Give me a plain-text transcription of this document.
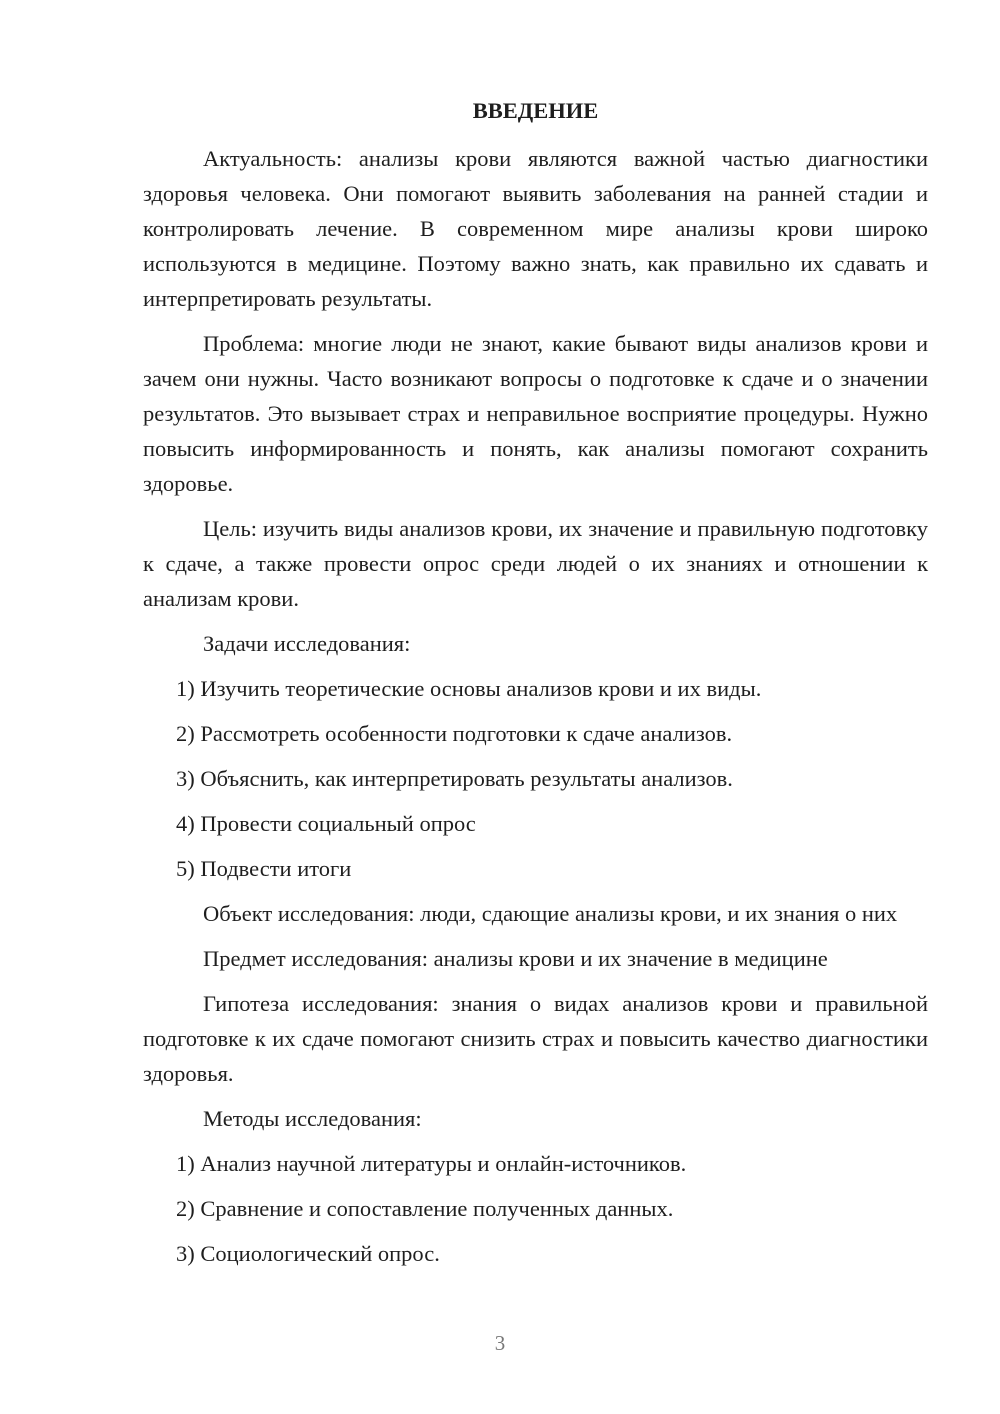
ВВЕДЕНИЕ

Актуальность: анализы крови являются важной частью диагностики здоровья человека. Они помогают выявить заболевания на ранней стадии и контролировать лечение. В современном мире анализы крови широко используются в медицине. Поэтому важно знать, как правильно их сдавать и интерпретировать результаты.

Проблема: многие люди не знают, какие бывают виды анализов крови и зачем они нужны. Часто возникают вопросы о подготовке к сдаче и о значении результатов. Это вызывает страх и неправильное восприятие процедуры. Нужно повысить информированность и понять, как анализы помогают сохранить здоровье.

Цель: изучить виды анализов крови, их значение и правильную подготовку к сдаче, а также провести опрос среди людей о их знаниях и отношении к анализам крови.

Задачи исследования:

1) Изучить теоретические основы анализов крови и их виды.

2) Рассмотреть особенности подготовки к сдаче анализов.

3) Объяснить, как интерпретировать результаты анализов.

4) Провести социальный опрос

5) Подвести итоги

Объект исследования: люди, сдающие анализы крови, и их знания о них

Предмет исследования: анализы крови и их значение в медицине

Гипотеза исследования: знания о видах анализов крови и правильной подготовке к их сдаче помогают снизить страх и повысить качество диагностики здоровья.

Методы исследования:

1) Анализ научной литературы и онлайн-источников.

2) Сравнение и сопоставление полученных данных.

3) Социологический опрос.

3
